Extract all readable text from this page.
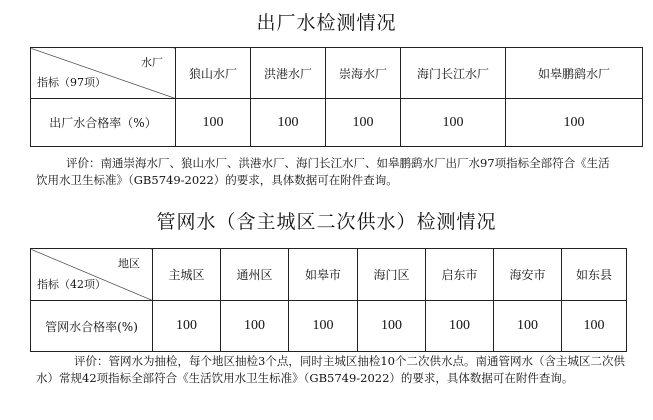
出厂水检测情况
水厂
指标（97项）	狼山水厂	洪港水厂	崇海水厂	海门长江水厂	如皋鹏鹞水厂
出厂水合格率（%）	100	100	100	100	100

评价：南通崇海水厂、狼山水厂、洪港水厂、海门长江水厂、如皋鹏鹞水厂出厂水97项指标全部符合《生活饮用水卫生标准》（GB5749-2022）的要求，具体数据可在附件查询。

管网水（含主城区二次供水）检测情况
地区
指标（42项）	主城区	通州区	如皋市	海门区	启东市	海安市	如东县
管网水合格率(%)	100	100	100	100	100	100	100

评价：管网水为抽检，每个地区抽检3个点，同时主城区抽检10个二次供水点。南通管网水（含主城区二次供水）常规42项指标全部符合《生活饮用水卫生标准》（GB5749-2022）的要求，具体数据可在附件查询。
